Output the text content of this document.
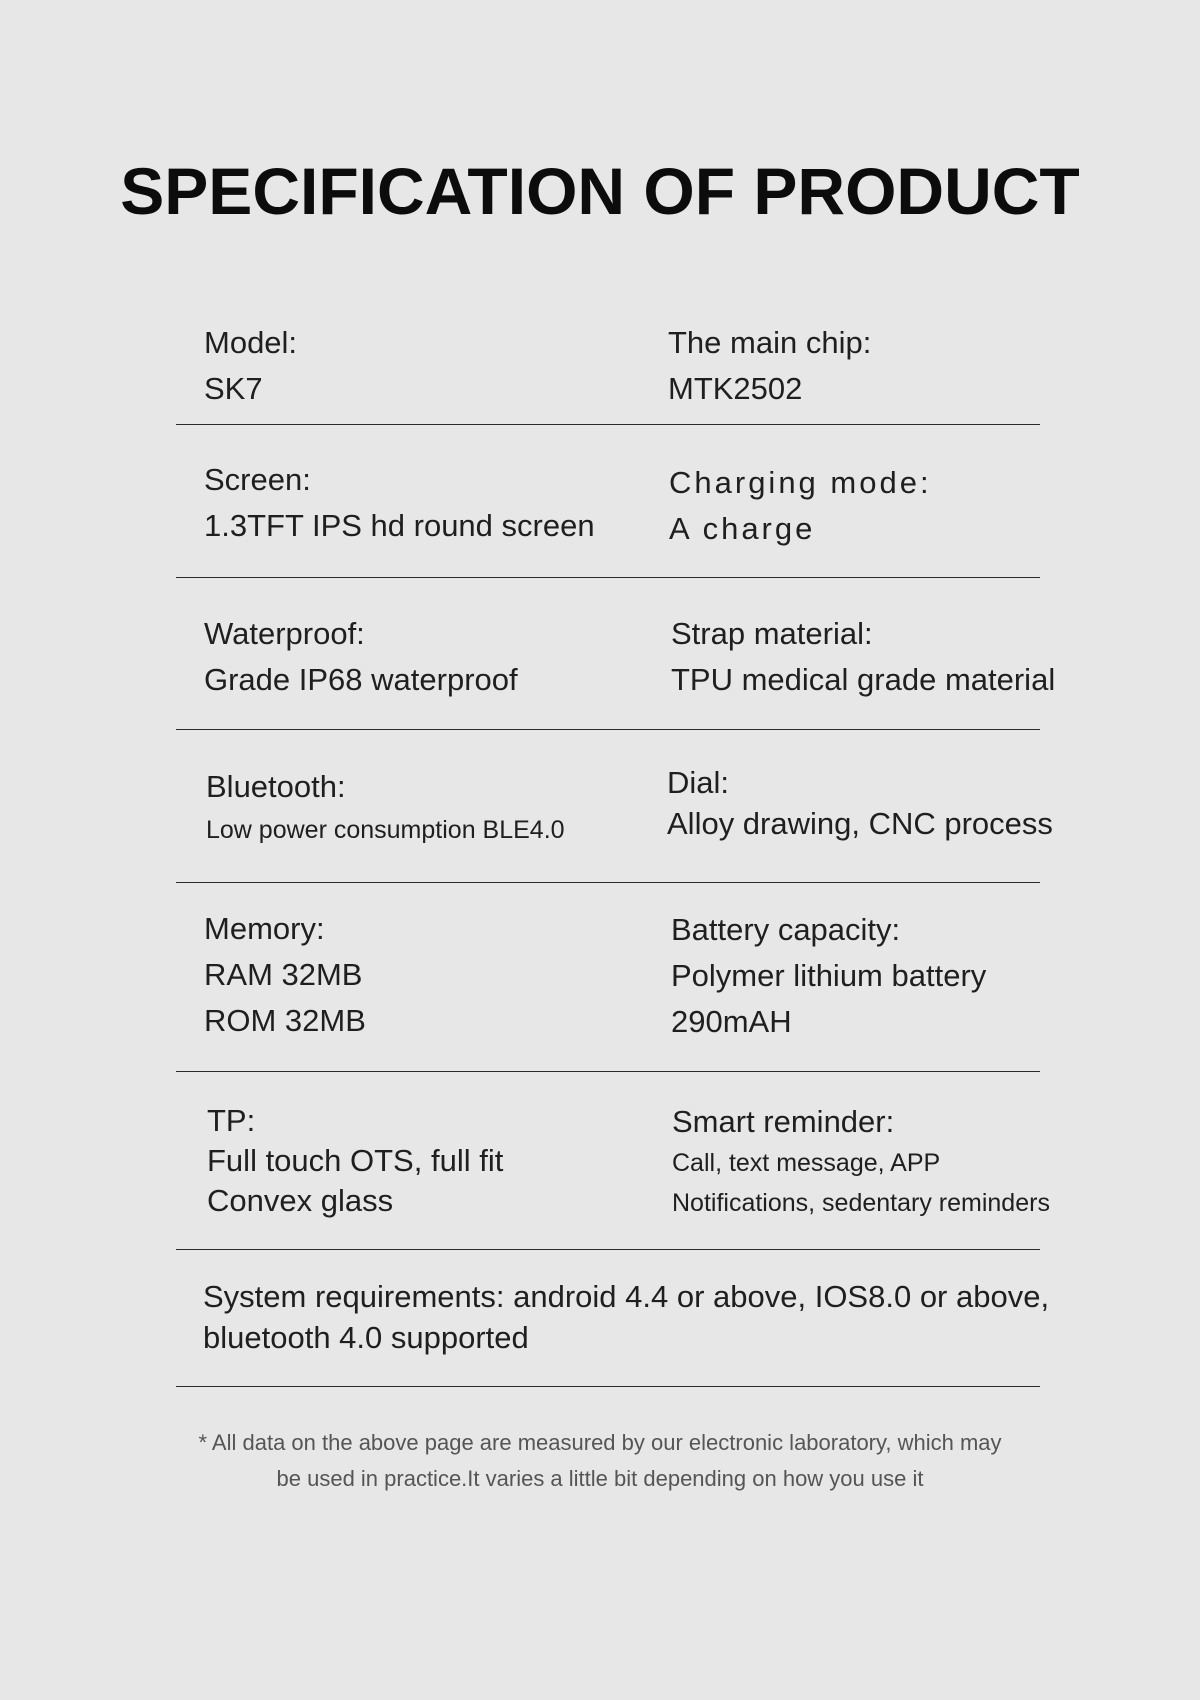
SPECIFICATION OF PRODUCT
Model:
SK7
The main chip:
MTK2502
Screen:
1.3TFT IPS hd round screen
Charging mode:
A charge
Waterproof:
Grade IP68 waterproof
Strap material:
TPU medical grade material
Bluetooth:
Low power consumption BLE4.0
Dial:
Alloy drawing, CNC process
Memory:
RAM 32MB
ROM 32MB
Battery capacity:
Polymer lithium battery
290mAH
TP:
Full touch OTS, full fit
Convex glass
Smart reminder:
Call, text message, APP
Notifications, sedentary reminders
System requirements: android 4.4 or above, IOS8.0 or above,
bluetooth 4.0 supported
* All data on the above page are measured by our electronic laboratory, which may
be used in practice.It varies a little bit depending on how you use it
